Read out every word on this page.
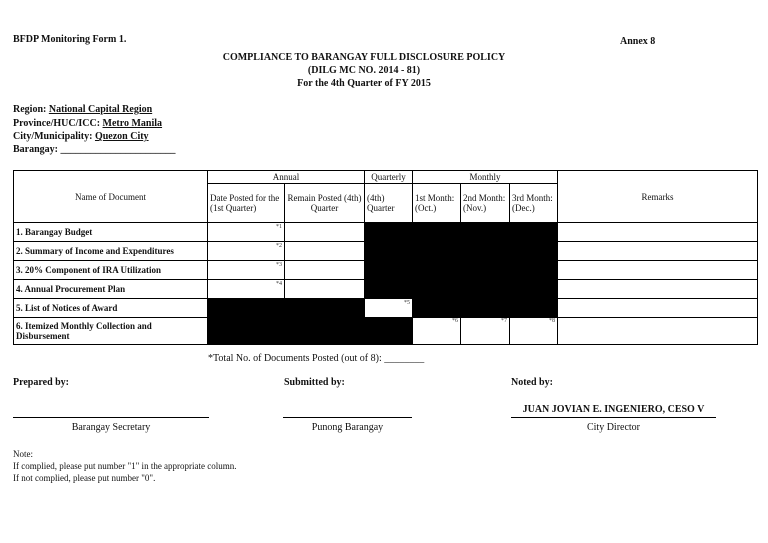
BFDP Monitoring Form 1.	Annex 8
COMPLIANCE TO BARANGAY FULL DISCLOSURE POLICY
(DILG MC NO. 2014 - 81)
For the 4th Quarter of FY 2015
Region: National Capital Region
Province/HUC/ICC: Metro Manila
City/Municipality: Quezon City
Barangay: _______________________
Name of Document	Annual		Quarterly	Monthly			Remarks
	Date Posted for the (1st Quarter)	Remain Posted (4th) Quarter	(4th) Quarter	1st Month: (Oct.)	2nd Month: (Nov.)	3rd Month: (Dec.)	
1. Barangay Budget	*1						

2. Summary of Income and Expenditures	*2						

3. 20% Component of IRA Utilization	*3						

4. Annual Procurement Plan	*4						

5. List of Notices of Award			*5				

6. Itemized Monthly Collection and Disbursement				*6	*7	*8	

*Total No. of Documents Posted (out of 8): ________
Prepared by:	Submitted by:	Noted by:
JUAN JOVIAN E. INGENIERO, CESO V
Barangay Secretary	Punong Barangay	City Director
Note:
If complied, please put number "1" in the appropriate column.
If not complied, please put number "0".
